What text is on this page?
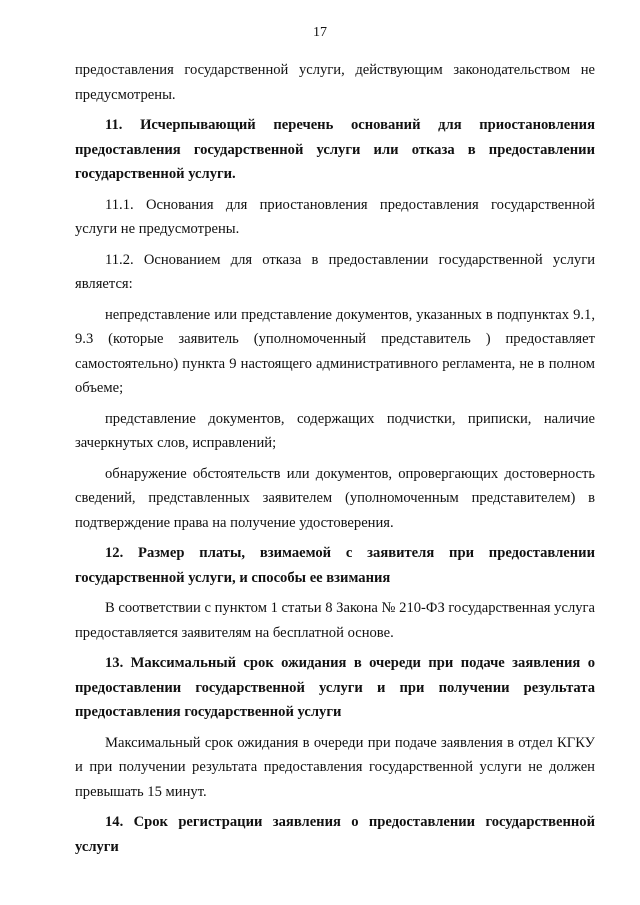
17

предоставления государственной услуги, действующим законодательством не предусмотрены.

11. Исчерпывающий перечень оснований для приостановления предоставления государственной услуги или отказа в предоставлении государственной услуги.

11.1. Основания для приостановления предоставления государственной услуги не предусмотрены.

11.2. Основанием для отказа в предоставлении государственной услуги является:

непредставление или представление документов, указанных в подпунктах 9.1, 9.3 (которые заявитель (уполномоченный представитель ) предоставляет самостоятельно) пункта 9 настоящего административного регламента, не в полном объеме;

представление документов, содержащих подчистки, приписки, наличие зачеркнутых слов, исправлений;

обнаружение обстоятельств или документов, опровергающих достоверность сведений, представленных заявителем (уполномоченным представителем) в подтверждение права на получение удостоверения.

12. Размер платы, взимаемой с заявителя при предоставлении государственной услуги, и способы ее взимания

В соответствии с пунктом 1 статьи 8 Закона № 210-ФЗ государственная услуга предоставляется заявителям на бесплатной основе.

13. Максимальный срок ожидания в очереди при подаче заявления о предоставлении государственной услуги и при получении результата предоставления государственной услуги

Максимальный срок ожидания в очереди при подаче заявления в отдел КГКУ и при получении результата предоставления государственной услуги не должен превышать 15 минут.

14. Срок регистрации заявления о предоставлении государственной услуги
